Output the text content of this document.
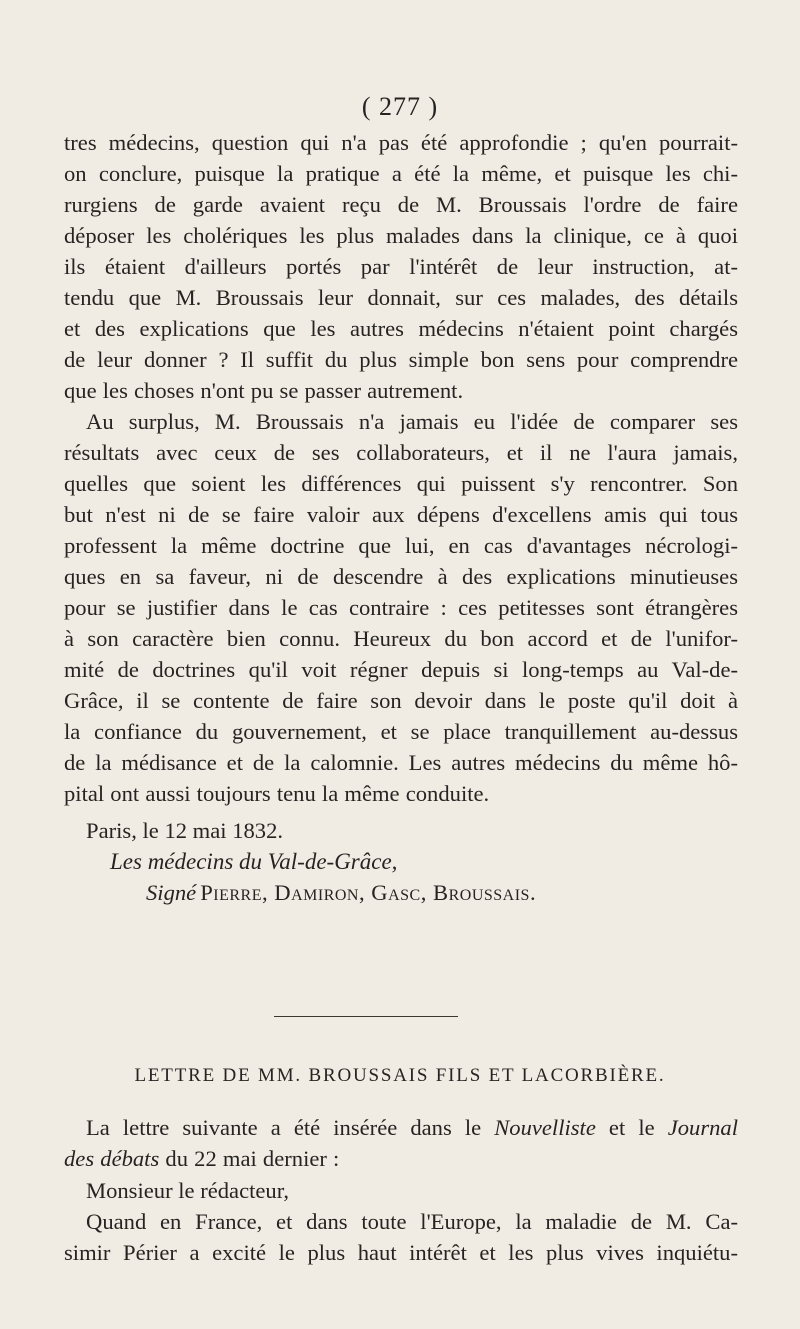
( 277 )
tres médecins, question qui n'a pas été approfondie ; qu'en pourrait-
on conclure, puisque la pratique a été la même, et puisque les chi-
rurgiens de garde avaient reçu de M. Broussais l'ordre de faire
déposer les cholériques les plus malades dans la clinique, ce à quoi
ils étaient d'ailleurs portés par l'intérêt de leur instruction, at-
tendu que M. Broussais leur donnait, sur ces malades, des détails
et des explications que les autres médecins n'étaient point chargés
de leur donner ? Il suffit du plus simple bon sens pour comprendre
que les choses n'ont pu se passer autrement.
Au surplus, M. Broussais n'a jamais eu l'idée de comparer ses
résultats avec ceux de ses collaborateurs, et il ne l'aura jamais,
quelles que soient les différences qui puissent s'y rencontrer. Son
but n'est ni de se faire valoir aux dépens d'excellens amis qui tous
professent la même doctrine que lui, en cas d'avantages nécrologi-
ques en sa faveur, ni de descendre à des explications minutieuses
pour se justifier dans le cas contraire : ces petitesses sont étrangères
à son caractère bien connu. Heureux du bon accord et de l'unifor-
mité de doctrines qu'il voit régner depuis si long-temps au Val-de-
Grâce, il se contente de faire son devoir dans le poste qu'il doit à
la confiance du gouvernement, et se place tranquillement au-dessus
de la médisance et de la calomnie. Les autres médecins du même hô-
pital ont aussi toujours tenu la même conduite.
Paris, le 12 mai 1832.
Les médecins du Val-de-Grâce,
Signé Pierre, Damiron, Gasc, Broussais.
LETTRE DE MM. BROUSSAIS FILS ET LACORBIÈRE.
La lettre suivante a été insérée dans le Nouvelliste et le Journal
des débats du 22 mai dernier :
Monsieur le rédacteur,
Quand en France, et dans toute l'Europe, la maladie de M. Ca-
simir Périer a excité le plus haut intérêt et les plus vives inquiétu-
